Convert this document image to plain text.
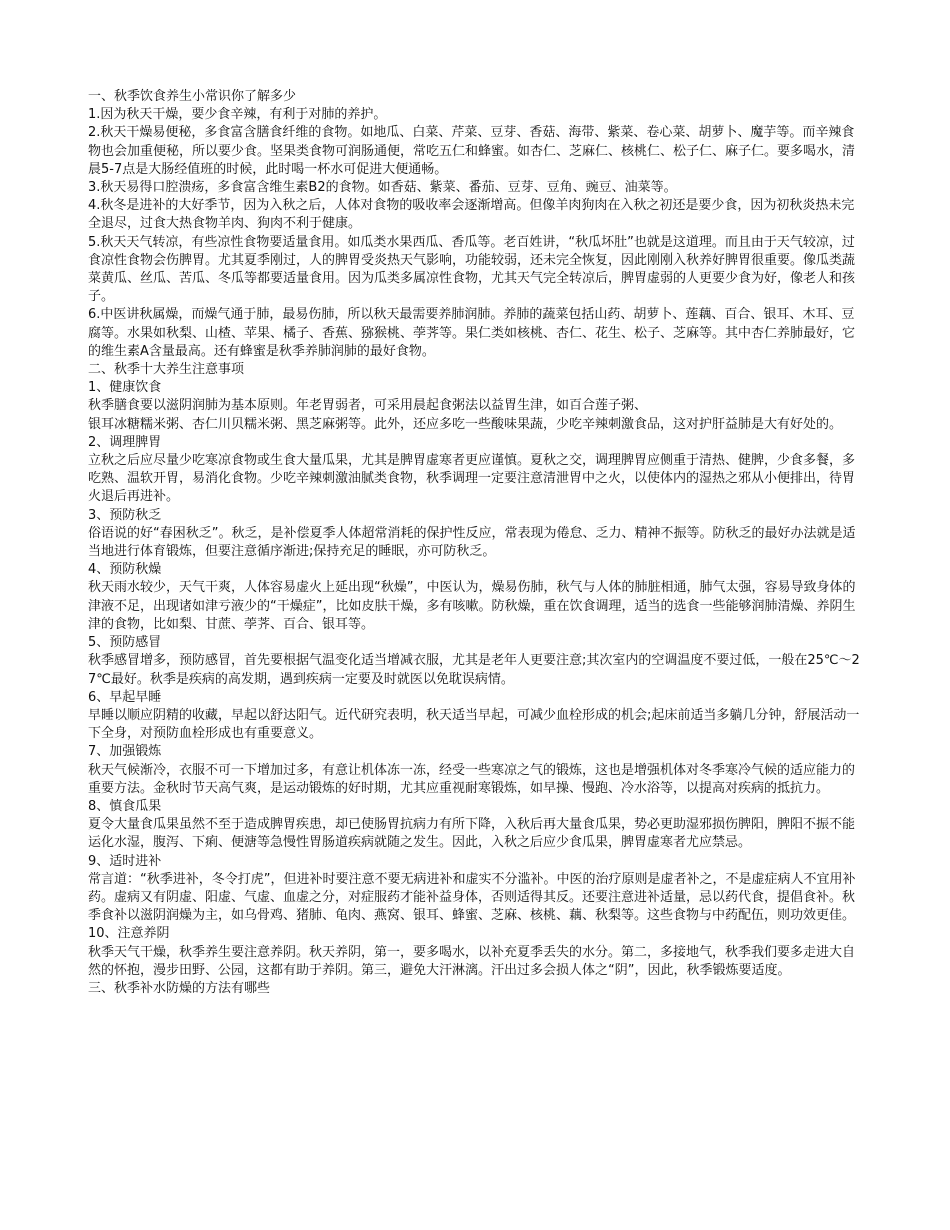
一、秋季饮食养生小常识你了解多少
1.因为秋天干燥，要少食辛辣，有利于对肺的养护。
2.秋天干燥易便秘，多食富含膳食纤维的食物。如地瓜、白菜、芹菜、豆芽、香菇、海带、紫菜、卷心菜、胡萝卜、魔芋等。而辛辣食物也会加重便秘，所以要少食。坚果类食物可润肠通便，常吃五仁和蜂蜜。如杏仁、芝麻仁、核桃仁、松子仁、麻子仁。要多喝水，清晨5-7点是大肠经值班的时候，此时喝一杯水可促进大便通畅。
3.秋天易得口腔溃疡，多食富含维生素B2的食物。如香菇、紫菜、番茄、豆芽、豆角、豌豆、油菜等。
4.秋冬是进补的大好季节，因为入秋之后，人体对食物的吸收率会逐渐增高。但像羊肉狗肉在入秋之初还是要少食，因为初秋炎热未完全退尽，过食大热食物羊肉、狗肉不利于健康。
5.秋天天气转凉，有些凉性食物要适量食用。如瓜类水果西瓜、香瓜等。老百姓讲，“秋瓜坏肚”也就是这道理。而且由于天气较凉，过食凉性食物会伤脾胃。尤其夏季刚过，人的脾胃受炎热天气影响，功能较弱，还未完全恢复，因此刚刚入秋养好脾胃很重要。像瓜类蔬菜黄瓜、丝瓜、苦瓜、冬瓜等都要适量食用。因为瓜类多属凉性食物，尤其天气完全转凉后，脾胃虚弱的人更要少食为好，像老人和孩子。
6.中医讲秋属燥，而燥气通于肺，最易伤肺，所以秋天最需要养肺润肺。养肺的蔬菜包括山药、胡萝卜、莲藕、百合、银耳、木耳、豆腐等。水果如秋梨、山楂、苹果、橘子、香蕉、猕猴桃、荸荠等。果仁类如核桃、杏仁、花生、松子、芝麻等。其中杏仁养肺最好，它的维生素A含量最高。还有蜂蜜是秋季养肺润肺的最好食物。
二、秋季十大养生注意事项
1、健康饮食
秋季膳食要以滋阴润肺为基本原则。年老胃弱者，可采用晨起食粥法以益胃生津，如百合莲子粥、
银耳冰糖糯米粥、杏仁川贝糯米粥、黑芝麻粥等。此外，还应多吃一些酸味果蔬，少吃辛辣刺激食品，这对护肝益肺是大有好处的。
2、调理脾胃
立秋之后应尽量少吃寒凉食物或生食大量瓜果，尤其是脾胃虚寒者更应谨慎。夏秋之交，调理脾胃应侧重于清热、健脾，少食多餐，多吃熟、温软开胃，易消化食物。少吃辛辣刺激油腻类食物，秋季调理一定要注意清泄胃中之火，以使体内的湿热之邪从小便排出，待胃火退后再进补。
3、预防秋乏
俗语说的好“春困秋乏”。秋乏，是补偿夏季人体超常消耗的保护性反应，常表现为倦怠、乏力、精神不振等。防秋乏的最好办法就是适当地进行体育锻炼，但要注意循序渐进;保持充足的睡眠，亦可防秋乏。
4、预防秋燥
秋天雨水较少，天气干爽，人体容易虚火上延出现“秋燥”，中医认为，燥易伤肺，秋气与人体的肺脏相通，肺气太强，容易导致身体的津液不足，出现诸如津亏液少的“干燥症”，比如皮肤干燥，多有咳嗽。防秋燥，重在饮食调理，适当的选食一些能够润肺清燥、养阴生津的食物，比如梨、甘蔗、荸荠、百合、银耳等。
5、预防感冒
秋季感冒增多，预防感冒，首先要根据气温变化适当增减衣服，尤其是老年人更要注意;其次室内的空调温度不要过低，一般在25℃～27℃最好。秋季是疾病的高发期，遇到疾病一定要及时就医以免耽误病情。
6、早起早睡
早睡以顺应阴精的收藏，早起以舒达阳气。近代研究表明，秋天适当早起，可减少血栓形成的机会;起床前适当多躺几分钟，舒展活动一下全身，对预防血栓形成也有重要意义。
7、加强锻炼
秋天气候渐冷，衣服不可一下增加过多，有意让机体冻一冻，经受一些寒凉之气的锻炼，这也是增强机体对冬季寒冷气候的适应能力的重要方法。金秋时节天高气爽，是运动锻炼的好时期，尤其应重视耐寒锻炼，如早操、慢跑、冷水浴等，以提高对疾病的抵抗力。
8、慎食瓜果
夏令大量食瓜果虽然不至于造成脾胃疾患，却已使肠胃抗病力有所下降，入秋后再大量食瓜果，势必更助湿邪损伤脾阳，脾阳不振不能运化水湿，腹泻、下痢、便溏等急慢性胃肠道疾病就随之发生。因此，入秋之后应少食瓜果，脾胃虚寒者尤应禁忌。
9、适时进补
常言道：“秋季进补，冬令打虎”，但进补时要注意不要无病进补和虚实不分滥补。中医的治疗原则是虚者补之，不是虚症病人不宜用补药。虚病又有阴虚、阳虚、气虚、血虚之分，对症服药才能补益身体，否则适得其反。还要注意进补适量，忌以药代食，提倡食补。秋季食补以滋阴润燥为主，如乌骨鸡、猪肺、龟肉、燕窝、银耳、蜂蜜、芝麻、核桃、藕、秋梨等。这些食物与中药配伍，则功效更佳。
10、注意养阴
秋季天气干燥，秋季养生要注意养阴。秋天养阴，第一，要多喝水，以补充夏季丢失的水分。第二，多接地气，秋季我们要多走进大自然的怀抱，漫步田野、公园，这都有助于养阴。第三，避免大汗淋漓。汗出过多会损人体之“阴”，因此，秋季锻炼要适度。
三、秋季补水防燥的方法有哪些
